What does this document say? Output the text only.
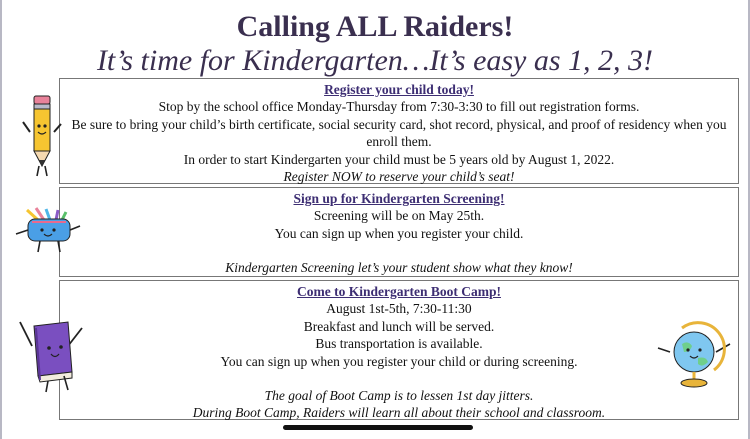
Calling ALL Raiders!
It’s time for Kindergarten…It’s easy as 1, 2, 3!
Register your child today!
Stop by the school office Monday-Thursday from 7:30-3:30 to fill out registration forms.
Be sure to bring your child’s birth certificate, social security card, shot record, physical, and proof of residency when you enroll them.
In order to start Kindergarten your child must be 5 years old by August 1, 2022.
Register NOW to reserve your child’s seat!
Sign up for Kindergarten Screening!
Screening will be on May 25th.
You can sign up when you register your child.
Kindergarten Screening let’s your student show what they know!
Come to Kindergarten Boot Camp!
August 1st-5th, 7:30-11:30
Breakfast and lunch will be served.
Bus transportation is available.
You can sign up when you register your child or during screening.
The goal of Boot Camp is to lessen 1st day jitters.
During Boot Camp, Raiders will learn all about their school and classroom.
